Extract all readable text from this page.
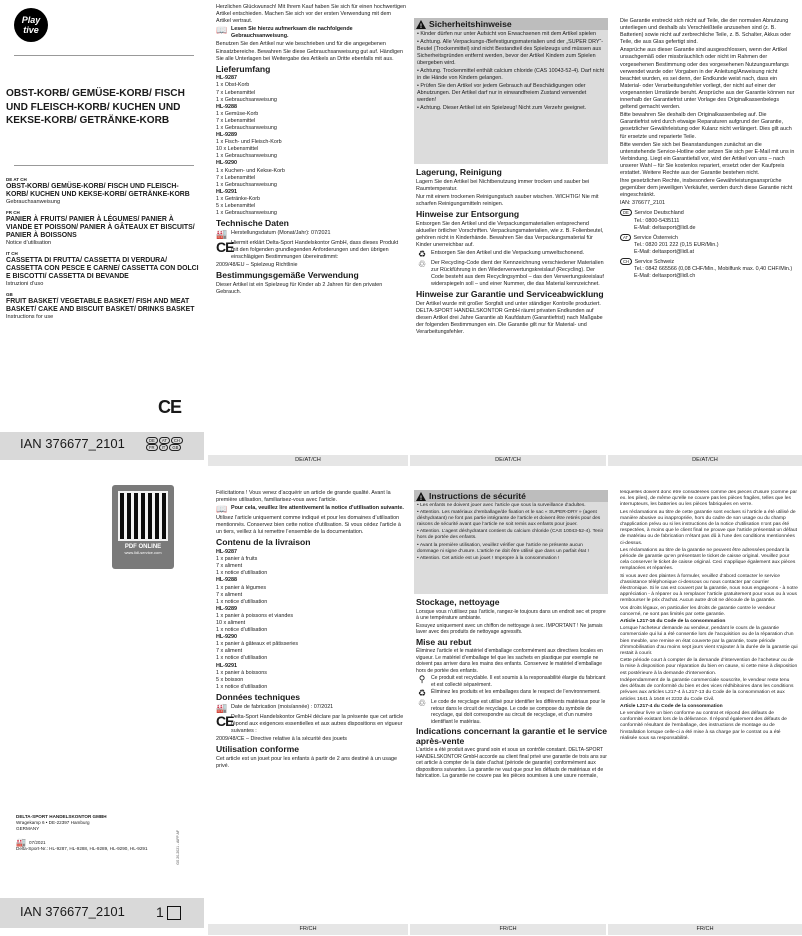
Play tive
OBST-KORB/ GEMÜSE-KORB/ FISCH UND FLEISCH-KORB/ KUCHEN UND KEKSE-KORB/ GETRÄNKE-KORB
DE AT CH
OBST-KORB/ GEMÜSE-KORB/ FISCH UND FLEISCH-KORB/ KUCHEN UND KEKSE-KORB/ GETRÄNKE-KORB
Gebrauchsanweisung
FR CH
PANIER À FRUITS/ PANIER À LÉGUMES/ PANIER À VIANDE ET POISSON/ PANIER À GÂTEAUX ET BISCUITS/ PANIER À BOISSONS
Notice d’utilisation
IT CH
CASSETTA DI FRUTTA/ CASSETTA DI VERDURA/ CASSETTA CON PESCE E CARNE/ CASSETTA CON DOLCI E BISCOTTI/ CASSETTA DI BEVANDE
Istruzioni d’uso
GB
FRUIT BASKET/ VEGETABLE BASKET/ FISH AND MEAT BASKET/ CAKE AND BISCUIT BASKET/ DRINKS BASKET
Instructions for use
CE
IAN 376677_2101	DE AT CH
FR IT GB

Herzlichen Glückwunsch! Mit Ihrem Kauf haben Sie sich für einen hochwertigen Artikel entschieden. Machen Sie sich vor der ersten Verwendung mit dem Artikel vertraut.

📖 Lesen Sie hierzu aufmerksam die nachfolgende Gebrauchsanweisung.

Benutzen Sie den Artikel nur wie beschrieben und für die angegebenen Einsatzbereiche. Bewahren Sie diese Gebrauchsanweisung gut auf. Händigen Sie alle Unterlagen bei Weitergabe des Artikels an Dritte ebenfalls mit aus.

Lieferumfang
HL-9287
1 x Obst-Korb
7 x Lebensmittel
1 x Gebrauchsanweisung
HL-9288
1 x Gemüse-Korb
7 x Lebensmittel
1 x Gebrauchsanweisung
HL-9289
1 x Fisch- und Fleisch-Korb
10 x Lebensmittel
1 x Gebrauchsanweisung
HL-9290
1 x Kuchen- und Kekse-Korb
7 x Lebensmittel
1 x Gebrauchsanweisung
HL-9291
1 x Getränke-Korb
5 x Lebensmittel
1 x Gebrauchsanweisung
Technische Daten
🏭 Herstellungsdatum (Monat/Jahr): 07/2021
CE
Hiermit erklärt Delta-Sport Handelskontor GmbH, dass dieses Produkt mit den folgenden grundlegenden Anforderungen und den übrigen einschlägigen Bestimmungen übereinstimmt:

2009/48/EU – Spielzeug Richtlinie

Bestimmungsgemäße Verwendung

Dieser Artikel ist ein Spielzeug für Kinder ab 2 Jahren für den privaten Gebrauch.

!
Sicherheitshinweise
• Kinder dürfen nur unter Aufsicht von Erwachsenen mit dem Artikel spielen
• Achtung. Alle Verpackungs-/Befestigungsmaterialien und der „SUPER DRY“-Beutel (Trockenmittel) sind nicht Bestandteil des Spielzeugs und müssen aus Sicherheitsgründen entfernt werden, bevor der Artikel Kindern zum Spielen übergeben wird.
• Achtung. Trockenmittel enthält calcium chloride (CAS 10043-52-4). Darf nicht in die Hände von Kindern gelangen.
• Prüfen Sie den Artikel vor jedem Gebrauch auf Beschädigungen oder Abnutzungen. Der Artikel darf nur in einwandfreiem Zustand verwendet werden!
• Achtung. Dieser Artikel ist ein Spielzeug! Nicht zum Verzehr geeignet.
Lagerung, Reinigung

Lagern Sie den Artikel bei Nichtbenutzung immer trocken und sauber bei Raumtemperatur.

Nur mit einem trockenen Reinigungstuch sauber wischen. WICHTIG! Nie mit scharfen Reinigungsmitteln reinigen.

Hinweise zur Entsorgung

Entsorgen Sie den Artikel und die Verpackungsmaterialien entsprechend aktueller örtlicher Vorschriften. Verpackungsmaterialien, wie z. B. Folienbeutel, gehören nicht in Kinderhände. Bewahren Sie das Verpackungsmaterial für Kinder unerreichbar auf.

♻ Entsorgen Sie den Artikel und die Verpackung umweltschonend.
♲ Der Recycling-Code dient der Kennzeichnung verschiedener Materialien zur Rückführung in den Wiederverwertungskreislauf (Recycling). Der Code besteht aus dem Recyclingsymbol – das den Verwertungskreislauf widerspiegeln soll – und einer Nummer, die das Material kennzeichnet.
Hinweise zur Garantie und Serviceabwicklung

Der Artikel wurde mit großer Sorgfalt und unter ständiger Kontrolle produziert. DELTA-SPORT HANDELSKONTOR GmbH räumt privaten Endkunden auf diesen Artikel drei Jahre Garantie ab Kaufdatum (Garantiefrist) nach Maßgabe der folgenden Bestimmungen ein. Die Garantie gilt nur für Material- und Verarbeitungsfehler.

Die Garantie erstreckt sich nicht auf Teile, die der normalen Abnutzung unterliegen und deshalb als Verschleißteile anzusehen sind (z. B. Batterien) sowie nicht auf zerbrechliche Teile, z. B. Schalter, Akkus oder Teile, die aus Glas gefertigt sind.

Ansprüche aus dieser Garantie sind ausgeschlossen, wenn der Artikel unsachgemäß oder missbräuchlich oder nicht im Rahmen der vorgesehenen Bestimmung oder des vorgesehenen Nutzungsumfangs verwendet wurde oder Vorgaben in der Anleitung/Anweisung nicht beachtet wurden, es sei denn, der Endkunde weist nach, dass ein Material- oder Verarbeitungsfehler vorliegt, der nicht auf einer der vorgenannten Umstände beruht. Ansprüche aus der Garantie können nur innerhalb der Garantiefrist unter Vorlage des Originalkassenbelegs geltend gemacht werden.

Bitte bewahren Sie deshalb den Originalkassenbeleg auf. Die Garantiefrist wird durch etwaige Reparaturen aufgrund der Garantie, gesetzlicher Gewährleistung oder Kulanz nicht verlängert. Dies gilt auch für ersetzte und reparierte Teile.

Bitte wenden Sie sich bei Beanstandungen zunächst an die untenstehende Service-Hotline oder setzen Sie sich per E-Mail mit uns in Verbindung. Liegt ein Garantiefall vor, wird der Artikel von uns – nach unserer Wahl – für Sie kostenlos repariert, ersetzt oder der Kaufpreis erstattet. Weitere Rechte aus der Garantie bestehen nicht.

Ihre gesetzlichen Rechte, insbesondere Gewährleistungsansprüche gegenüber dem jeweiligen Verkäufer, werden durch diese Garantie nicht eingeschränkt.

IAN: 376677_2101

DE Service Deutschland
Tel.: 0800-5435111
E-Mail: deltasport@lidl.de
AT Service Österreich
Tel.: 0820 201 222 (0,15 EUR/Min.)
E-Mail: deltasport@lidl.at
CH Service Schweiz
Tel.: 0842 665566 (0,08 CHF/Min., Mobilfunk max. 0,40 CHF/Min.)
E-Mail: deltasport@lidl.ch
DE/AT/CH	DE/AT/CH	DE/AT/CH
PDF ONLINE
www.lidl-service.com
DELTA-SPORT HANDELSKONTOR GMBH
Wragekamp 6 • DE-22397 Hamburg
GERMANY
🏭 07/2021
Delta-Sport-Nr.: HL-9287, HL-9288, HL-9289, HL-9290, HL-9291	GS 20-2021 - AIFP AF
IAN 376677_2101 1

Félicitations ! Vous venez d’acquérir un article de grande qualité. Avant la première utilisation, familiarisez-vous avec l’article.

📖 Pour cela, veuillez lire attentivement la notice d’utilisation suivante.

Utilisez l’article uniquement comme indiqué et pour les domaines d’utilisation mentionnés. Conservez bien cette notice d’utilisation. Si vous cédez l’article à un tiers, veillez à lui remettre l’ensemble de la documentation.

Contenu de la livraison
HL-9287
1 x panier à fruits
7 x aliment
1 x notice d’utilisation
HL-9288
1 x panier à légumes
7 x aliment
1 x notice d’utilisation
HL-9289
1 x panier à poissons et viandes
10 x aliment
1 x notice d’utilisation
HL-9290
1 x panier à gâteaux et pâtisseries
7 x aliment
1 x notice d’utilisation
HL-9291
1 x panier à boissons
5 x boisson
1 x notice d’utilisation
Données techniques
🏭 Date de fabrication (mois/année) : 07/2021
CE
Delta-Sport Handelskontor GmbH déclare par la présente que cet article répond aux exigences essentielles et aux autres dispositions en vigueur suivantes :

2009/48/CE – Directive relative à la sécurité des jouets

Utilisation conforme

Cet article est un jouet pour les enfants à partir de 2 ans destiné à un usage privé.

!
Instructions de sécurité
• Les enfants ne doivent jouer avec l’article que sous la surveillance d’adultes.
• Attention. Les matériaux d’emballage/de fixation et le sac « SUPER-DRY » (agent déshydratant) ne font pas partie intégrante de l’article et doivent être retirés pour des raisons de sécurité avant que l’article ne soit remis aux enfants pour jouer.
• Attention. L’agent déshydratant contient du calcium chloride (CAS 10043-52-4). Tenir hors de portée des enfants.
• Avant la première utilisation, veuillez vérifier que l’article ne présente aucun dommage ni signe d’usure. L’article ne doit être utilisé que dans un parfait état !
• Attention. Cet article est un jouet ! Impropre à la consommation !
Stockage, nettoyage

Lorsque vous n’utilisez pas l’article, rangez-le toujours dans un endroit sec et propre à une température ambiante.

Essuyez uniquement avec un chiffon de nettoyage à sec. IMPORTANT ! Ne jamais laver avec des produits de nettoyage agressifs.

Mise au rebut

Éliminez l’article et le matériel d’emballage conformément aux directives locales en vigueur. Le matériel d’emballage tel que les sachets en plastique par exemple ne doivent pas arriver dans les mains des enfants. Conservez le matériel d’emballage hors de portée des enfants.

⚲	Ce produit est recyclable. Il est soumis à la responsabilité élargie du fabricant et est collecté séparément.
♻ Éliminez les produits et les emballages dans le respect de l’environnement.
♲ Le code de recyclage est utilisé pour identifier les différents matériaux pour le retour dans le circuit de recyclage. Le code se compose du symbole de recyclage, qui doit correspondre au circuit de recyclage, et d’un numéro identifiant le matériau.
Indications concernant la garantie et le service après-vente

L’article a été produit avec grand soin et sous un contrôle constant. DELTA-SPORT HANDELSKONTOR GmbH accorde au client final privé une garantie de trois ans sur cet article à compter de la date d’achat (période de garantie) conformément aux dispositions suivantes. La garantie ne vaut que pour les défauts de matériaux et de fabrication. La garantie ne couvre pas les pièces soumises à une usure normale,

lesquelles doivent donc être considérées comme des pièces d’usure (comme par ex. les piles), de même qu’elle ne couvre pas les pièces fragiles, telles que les interrupteurs, les batteries ou les pièces fabriquées en verre.

Les réclamations au titre de cette garantie sont exclues si l’article a été utilisé de manière abusive ou inappropriée, hors du cadre de son usage ou du champ d’application prévu ou si les instructions de la notice d’utilisation n’ont pas été respectées, à moins que le client final ne prouve que l’article présentait un défaut de matériau ou de fabrication n’étant pas dû à l’une des conditions mentionnées ci-dessus.

Les réclamations au titre de la garantie ne peuvent être adressées pendant la période de garantie qu’en présentant le ticket de caisse original. Veuillez pour cela conserver le ticket de caisse original. Ceci s’applique également aux pièces remplacées et réparées.

Si vous avez des plaintes à formuler, veuillez d’abord contacter le service d’assistance téléphonique ci-dessous ou nous contacter par courrier électronique. Si le cas est couvert par la garantie, nous nous engageons - à notre appréciation - à réparer ou à remplacer l’article gratuitement pour vous ou à vous rembourser le prix d’achat. Aucun autre droit ne découle de la garantie.

Vos droits légaux, en particulier les droits de garantie contre le vendeur concerné, ne sont pas limités par cette garantie.

Article L217-16 du Code de la consommation

Lorsque l’acheteur demande au vendeur, pendant le cours de la garantie commerciale qui lui a été consentie lors de l’acquisition ou de la réparation d’un bien meuble, une remise en état couverte par la garantie, toute période d’immobilisation d’au moins sept jours vient s’ajouter à la durée de la garantie qui restait à courir.

Cette période court à compter de la demande d’intervention de l’acheteur ou de la mise à disposition pour réparation du bien en cause, si cette mise à disposition est postérieure à la demande d’intervention.

Indépendamment de la garantie commerciale souscrite, le vendeur reste tenu des défauts de conformité du bien et des vices rédhibitoires dans les conditions prévues aux articles L217-4 à L217-13 du Code de la consommation et aux articles 1641 à 1648 et 2232 du Code Civil.

Article L217-4 du Code de la consommation

Le vendeur livre un bien conforme au contrat et répond des défauts de conformité existant lors de la délivrance. Il répond également des défauts de conformité résultant de l’emballage, des instructions de montage ou de l’installation lorsque celle-ci a été mise à sa charge par le contrat ou a été réalisée sous sa responsabilité.

FR/CH	FR/CH	FR/CH
